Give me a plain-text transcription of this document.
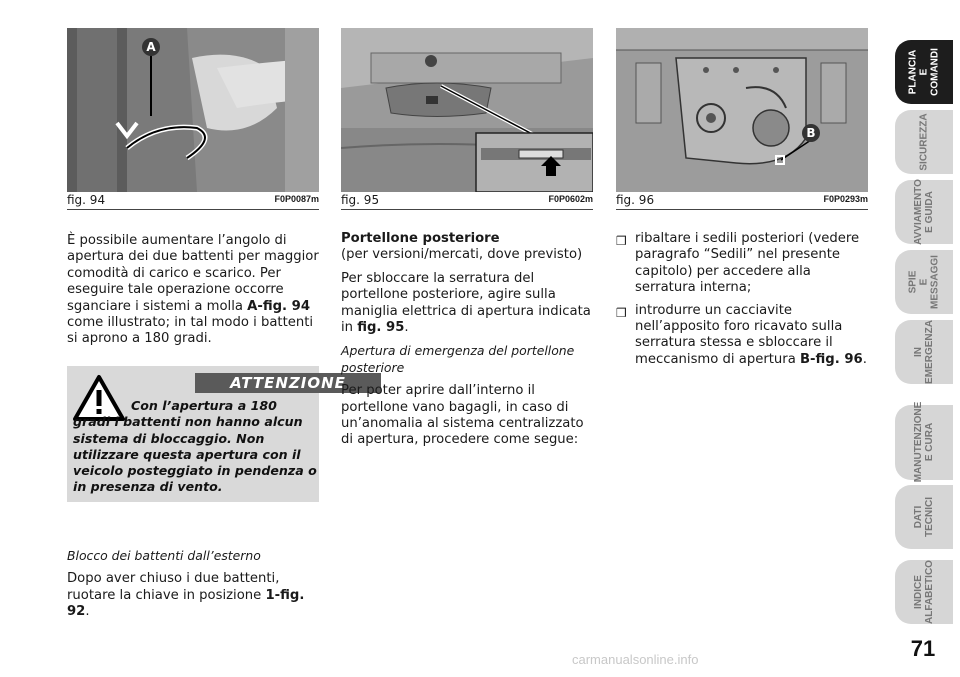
A
fig. 94	F0P0087m fig. 95	F0P0602m
B
fig. 96	F0P0293m

È possibile aumentare l’angolo di apertura dei due battenti per maggior comodità di carico e scarico. Per eseguire tale operazione occorre sganciare i sistemi a molla A-fig. 94 come illustrato; in tal modo i battenti si aprono a 180 gradi.

ATTENZIONE
Con l’apertura a 180 gradi i battenti non hanno alcun sistema di bloccaggio. Non utilizzare questa apertura con il veicolo posteggiato in pendenza o in presenza di vento.

Blocco dei battenti dall’esterno

Dopo aver chiuso i due battenti, ruotare la chiave in posizione 1-fig. 92.

Portellone posteriore

(per versioni/mercati, dove previsto)

Per sbloccare la serratura del portellone posteriore, agire sulla maniglia elettrica di apertura indicata in fig. 95.

Apertura di emergenza del portellone posteriore

Per poter aprire dall’interno il portellone vano bagagli, in caso di un’anomalia al sistema centralizzato di apertura, procedere come segue:

❒ ribaltare i sedili posteriori (vedere paragrafo “Sedili” nel presente capitolo) per accedere alla serratura interna;
❒ introdurre un cacciavite nell’apposito foro ricavato sulla serratura stessa e sbloccare il meccanismo di apertura B-fig. 96.
PLANCIA
E COMANDI
SICUREZZA
AVVIAMENTO
E GUIDA
SPIE
E MESSAGGI
IN
EMERGENZA
MANUTENZIONE
E CURA
DATI TECNICI
INDICE
ALFABETICO
71
carmanualsonline.info
